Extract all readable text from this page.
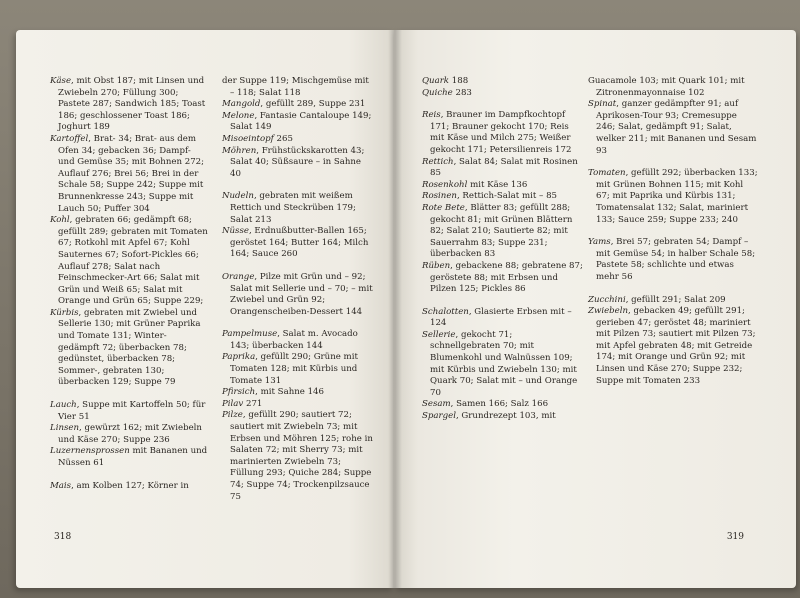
Käse, mit Obst 187; mit Linsen und Zwiebeln 270; Füllung 300; Pastete 287; Sandwich 185; Toast 186; geschlossener Toast 186; Joghurt 189

Kartoffel, Brat- 34; Brat- aus dem Ofen 34; gebacken 36; Dampf- und Gemüse 35; mit Bohnen 272; Auflauf 276; Brei 56; Brei in der Schale 58; Suppe 242; Suppe mit Brunnenkresse 243; Suppe mit Lauch 50; Puffer 304

Kohl, gebraten 66; gedämpft 68; gefüllt 289; gebraten mit Tomaten 67; Rotkohl mit Apfel 67; Kohl Sauternes 67; Sofort-Pickles 66; Auflauf 278; Salat nach Feinschmecker-Art 66; Salat mit Grün und Weiß 65; Salat mit Orange und Grün 65; Suppe 229;

Kürbis, gebraten mit Zwiebel und Sellerie 130; mit Grüner Paprika und Tomate 131; Winter- gedämpft 72; überbacken 78; gedünstet, überbacken 78; Sommer-, gebraten 130; überbacken 129; Suppe 79

Lauch, Suppe mit Kartoffeln 50; für Vier 51

Linsen, gewürzt 162; mit Zwiebeln und Käse 270; Suppe 236

Luzernensprossen mit Bananen und Nüssen 61

Mais, am Kolben 127; Körner in

der Suppe 119; Mischgemüse mit – 118; Salat 118

Mangold, gefüllt 289, Suppe 231

Melone, Fantasie Cantaloupe 149; Salat 149

Misoeintopf 265

Möhren, Frühstückskarotten 43; Salat 40; Süßsaure – in Sahne 40

Nudeln, gebraten mit weißem Rettich und Steckrüben 179; Salat 213

Nüsse, Erdnußbutter-Ballen 165; geröstet 164; Butter 164; Milch 164; Sauce 260

Orange, Pilze mit Grün und – 92; Salat mit Sellerie und – 70; – mit Zwiebel und Grün 92; Orangenscheiben-Dessert 144

Pampelmuse, Salat m. Avocado 143; überbacken 144

Paprika, gefüllt 290; Grüne mit Tomaten 128; mit Kürbis und Tomate 131

Pfirsich, mit Sahne 146

Pilav 271

Pilze, gefüllt 290; sautiert 72; sautiert mit Zwiebeln 73; mit Erbsen und Möhren 125; rohe in Salaten 72; mit Sherry 73; mit marinierten Zwiebeln 73; Füllung 293; Quiche 284; Suppe 74; Suppe 74; Trockenpilzsauce 75

318

Quark 188

Quiche 283

Reis, Brauner im Dampfkochtopf 171; Brauner gekocht 170; Reis mit Käse und Milch 275; Weißer gekocht 171; Petersilienreis 172

Rettich, Salat 84; Salat mit Rosinen 85

Rosenkohl mit Käse 136

Rosinen, Rettich-Salat mit – 85

Rote Bete, Blätter 83; gefüllt 288; gekocht 81; mit Grünen Blättern 82; Salat 210; Sautierte 82; mit Sauerrahm 83; Suppe 231; überbacken 83

Rüben, gebackene 88; gebratene 87; geröstete 88; mit Erbsen und Pilzen 125; Pickles 86

Schalotten, Glasierte Erbsen mit – 124

Sellerie, gekocht 71; schnellgebraten 70; mit Blumenkohl und Walnüssen 109; mit Kürbis und Zwiebeln 130; mit Quark 70; Salat mit – und Orange 70

Sesam, Samen 166; Salz 166

Spargel, Grundrezept 103, mit

Guacamole 103; mit Quark 101; mit Zitronenmayonnaise 102

Spinat, ganzer gedämpfter 91; auf Aprikosen-Tour 93; Cremesuppe 246; Salat, gedämpft 91; Salat, welker 211; mit Bananen und Sesam 93

Tomaten, gefüllt 292; überbacken 133; mit Grünen Bohnen 115; mit Kohl 67; mit Paprika und Kürbis 131; Tomatensalat 132; Salat, mariniert 133; Sauce 259; Suppe 233; 240

Yams, Brei 57; gebraten 54; Dampf – mit Gemüse 54; in halber Schale 58; Pastete 58; schlichte und etwas mehr 56

Zucchini, gefüllt 291; Salat 209

Zwiebeln, gebacken 49; gefüllt 291; gerieben 47; geröstet 48; mariniert mit Pilzen 73; sautiert mit Pilzen 73; mit Apfel gebraten 48; mit Getreide 174; mit Orange und Grün 92; mit Linsen und Käse 270; Suppe 232; Suppe mit Tomaten 233

319
